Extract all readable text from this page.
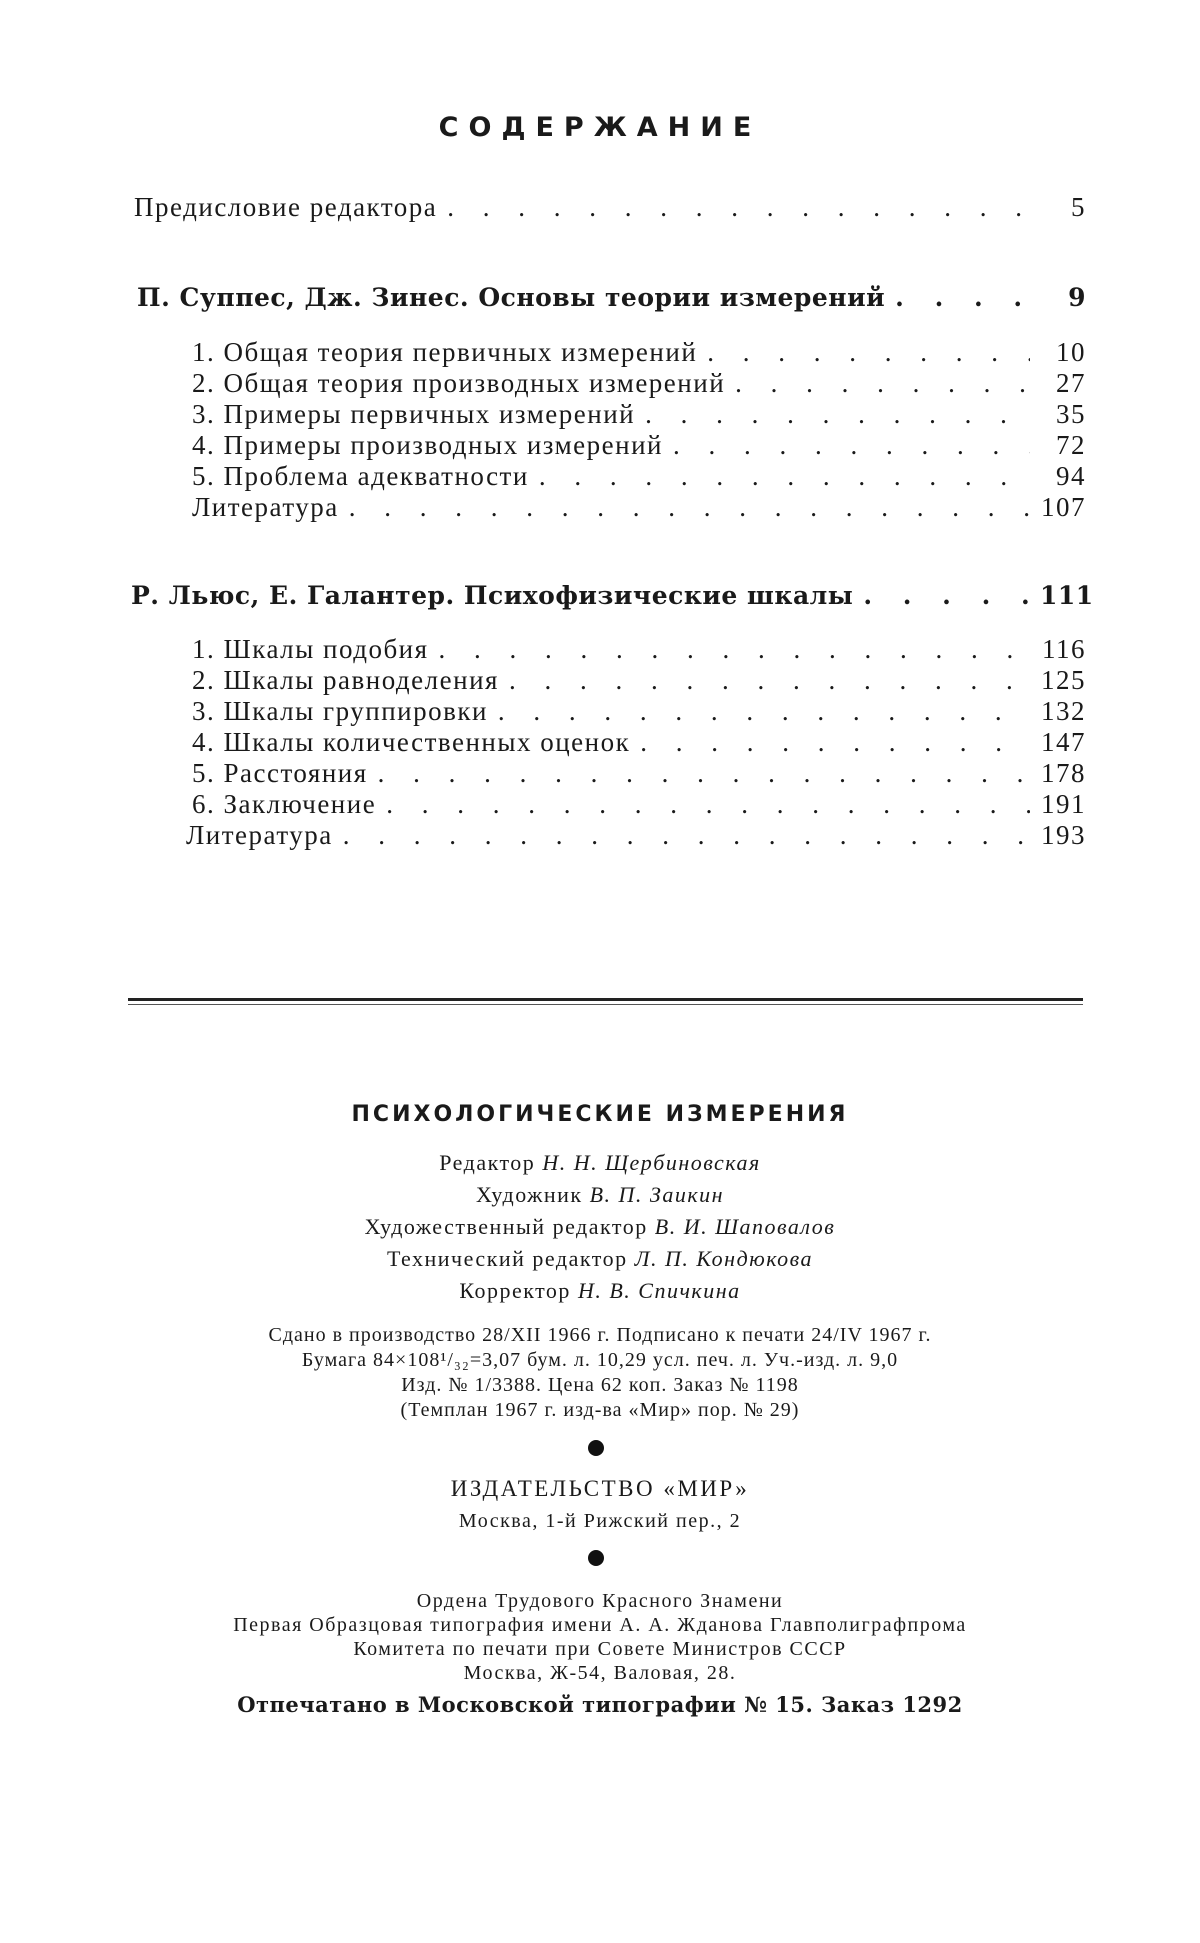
СОДЕРЖАНИЕ
Предисловие редактора . . .	5
П. Суппес, Дж. Зинес. Основы теории измерений . . .	9
1. Общая теория первичных измерений . . .	10
2. Общая теория производных измерений . . .	27
3. Примеры первичных измерений . . .	35
4. Примеры производных измерений . . .	72
5. Проблема адекватности . . .	94
Литература . . .	107
Р. Льюс, Е. Галантер. Психофизические шкалы . . .	111
1. Шкалы подобия . . .	116
2. Шкалы равноделения . . .	125
3. Шкалы группировки . . .	132
4. Шкалы количественных оценок . . .	147
5. Расстояния . . .	178
6. Заключение . . .	191
Литература . . .	193
ПСИХОЛОГИЧЕСКИЕ ИЗМЕРЕНИЯ
Редактор Н. Н. Щербиновская
Художник В. П. Заикин
Художественный редактор В. И. Шаповалов
Технический редактор Л. П. Кондюкова
Корректор Н. В. Спичкина
Сдано в производство 28/XII 1966 г. Подписано к печати 24/IV 1967 г.
Бумага 84×108¹/₃₂=3,07 бум. л. 10,29 усл. печ. л. Уч.-изд. л. 9,0
Изд. № 1/3388. Цена 62 коп. Заказ № 1198
(Темплан 1967 г. изд-ва «Мир» пор. № 29)
ИЗДАТЕЛЬСТВО «МИР»
Москва, 1-й Рижский пер., 2
Ордена Трудового Красного Знамени
Первая Образцовая типография имени А. А. Жданова Главполиграфпрома
Комитета по печати при Совете Министров СССР
Москва, Ж-54, Валовая, 28.
Отпечатано в Московской типографии № 15. Заказ 1292
